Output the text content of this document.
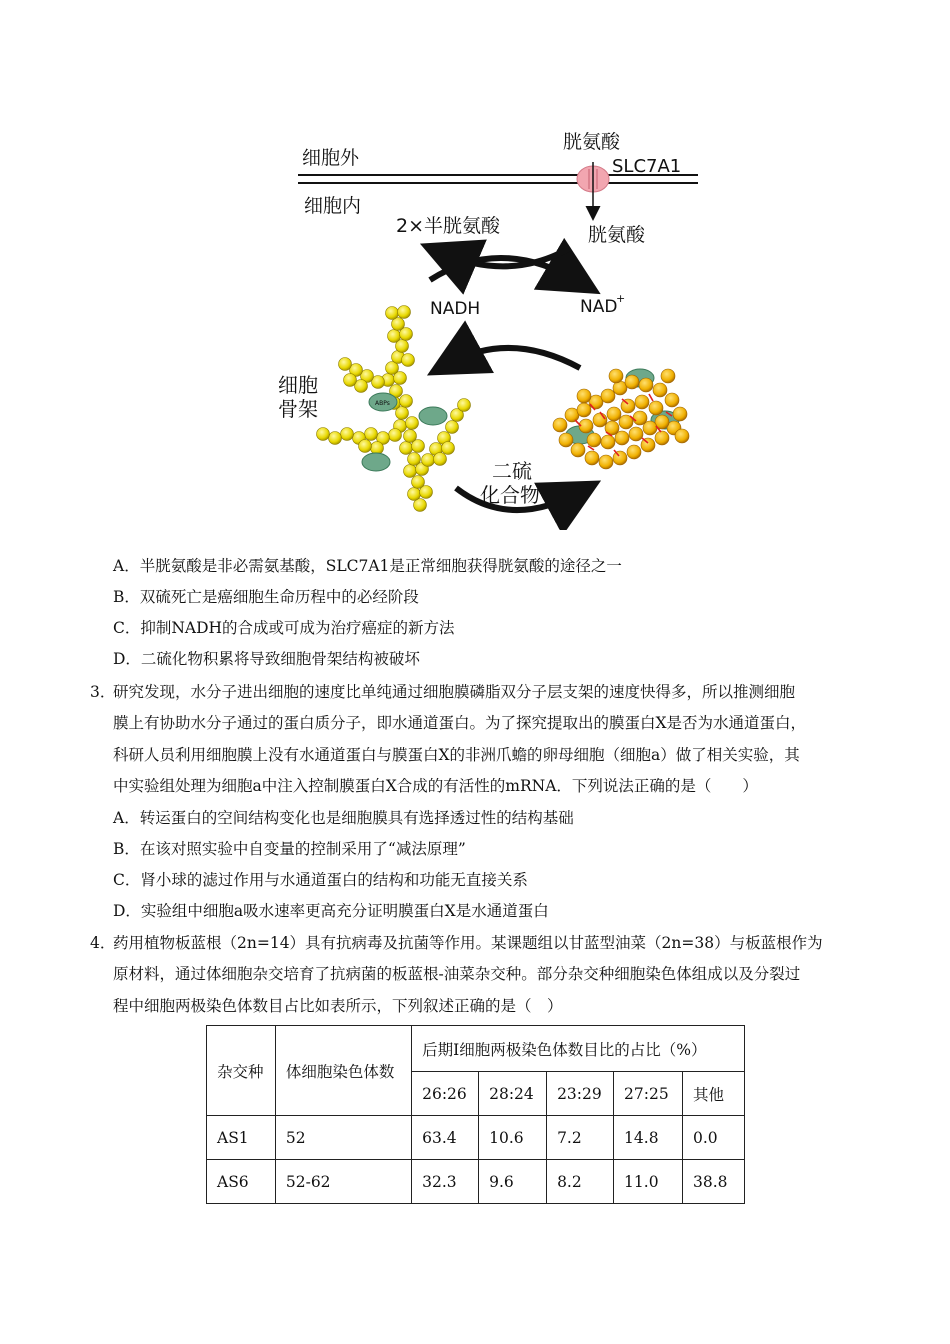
细胞外
细胞内
胱氨酸
SLC7A1
胱氨酸
2×半胱氨酸
NADH	NAD
+
ABPs
细胞
骨架
二硫
化合物
A．半胱氨酸是非必需氨基酸，SLC7A1是正常细胞获得胱氨酸的途径之一
B．双硫死亡是癌细胞生命历程中的必经阶段
C．抑制NADH的合成或可成为治疗癌症的新方法
D．二硫化物积累将导致细胞骨架结构被破坏
3．
研究发现，水分子进出细胞的速度比单纯通过细胞膜磷脂双分子层支架的速度快得多，所以推测细胞
膜上有协助水分子通过的蛋白质分子，即水通道蛋白。为了探究提取出的膜蛋白X是否为水通道蛋白，
科研人员利用细胞膜上没有水通道蛋白与膜蛋白X的非洲爪蟾的卵母细胞（细胞a）做了相关实验，其
中实验组处理为细胞a中注入控制膜蛋白X合成的有活性的mRNA．下列说法正确的是（　　）
A．转运蛋白的空间结构变化也是细胞膜具有选择透过性的结构基础
B．在该对照实验中自变量的控制采用了“减法原理”
C．肾小球的滤过作用与水通道蛋白的结构和功能无直接关系
D．实验组中细胞a吸水速率更高充分证明膜蛋白X是水通道蛋白
4．
药用植物板蓝根（2n=14）具有抗病毒及抗菌等作用。某课题组以甘蓝型油菜（2n=38）与板蓝根作为
原材料，通过体细胞杂交培育了抗病菌的板蓝根-油菜杂交种。部分杂交种细胞染色体组成以及分裂过
程中细胞两极染色体数目占比如表所示，下列叙述正确的是（　）
杂交种	体细胞染色体数	后期Ⅰ细胞两极染色体数目比的占比（%）				
		26:26	28:24	23:29	27:25	其他
AS1	52	63.4	10.6	7.2	14.8	0.0
AS6	52-62	32.3	9.6	8.2	11.0	38.8
